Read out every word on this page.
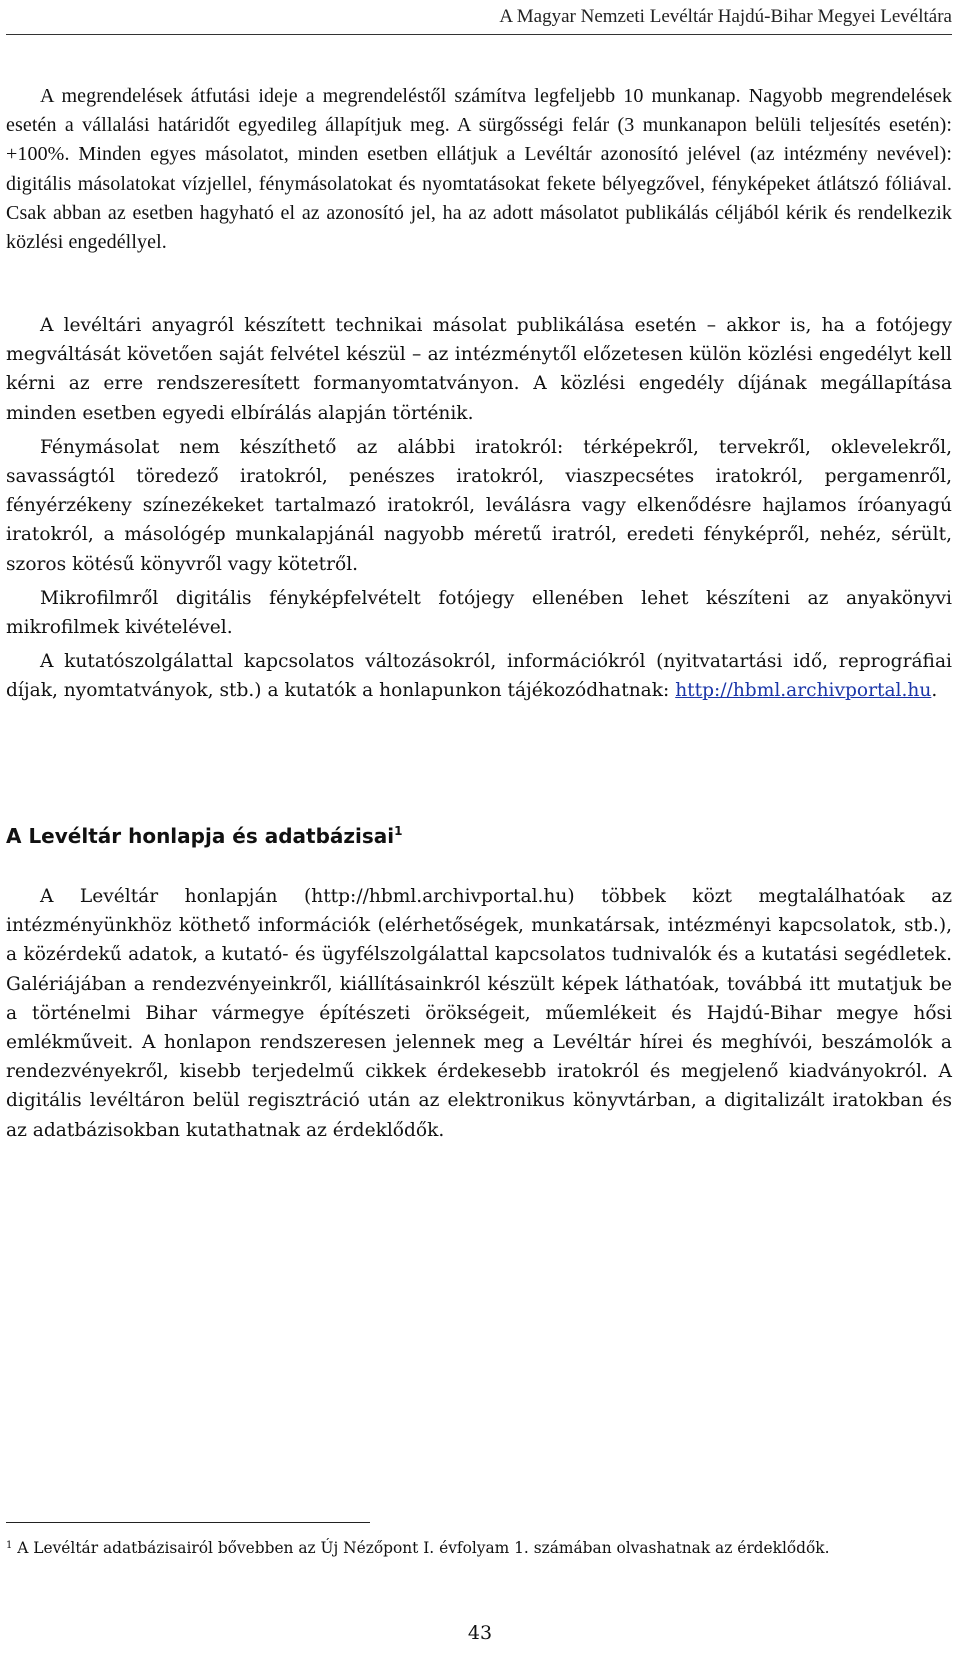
A Magyar Nemzeti Levéltár Hajdú-Bihar Megyei Levéltára

A megrendelések átfutási ideje a megrendeléstől számítva legfeljebb 10 munkanap. Nagyobb megrendelések esetén a vállalási határidőt egyedileg állapítjuk meg. A sürgősségi felár (3 munkanapon belüli teljesítés esetén): +100%. Minden egyes másolatot, minden esetben ellátjuk a Levéltár azonosító jelével (az intézmény nevével): digitális másolatokat vízjellel, fénymásolatokat és nyomtatásokat fekete bélyegzővel, fényképeket átlátszó fóliával. Csak abban az esetben hagyható el az azonosító jel, ha az adott másolatot publikálás céljából kérik és rendelkezik közlési engedéllyel.

A levéltári anyagról készített technikai másolat publikálása esetén – akkor is, ha a fotójegy megváltását követően saját felvétel készül – az intézménytől előzetesen külön közlési engedélyt kell kérni az erre rendszeresített formanyomtatványon. A közlési engedély díjának megállapítása minden esetben egyedi elbírálás alapján történik.

Fénymásolat nem készíthető az alábbi iratokról: térképekről, tervekről, oklevelekről, savasságtól töredező iratokról, penészes iratokról, viaszpecsétes iratokról, pergamenről, fényérzékeny színezékeket tartalmazó iratokról, leválásra vagy elkenődésre hajlamos íróanyagú iratokról, a másológép munkalapjánál nagyobb méretű iratról, eredeti fényképről, nehéz, sérült, szoros kötésű könyvről vagy kötetről.

Mikrofilmről digitális fényképfelvételt fotójegy ellenében lehet készíteni az anyakönyvi mikrofilmek kivételével.

A kutatószolgálattal kapcsolatos változásokról, információkról (nyitvatartási idő, reprográfiai díjak, nyomtatványok, stb.) a kutatók a honlapunkon tájékozódhatnak: http://hbml.archivportal.hu.

A Levéltár honlapja és adatbázisai$^1$

A Levéltár honlapján (http://hbml.archivportal.hu) többek közt megtalálhatóak az intézményünkhöz köthető információk (elérhetőségek, munkatársak, intézményi kapcsolatok, stb.), a közérdekű adatok, a kutató- és ügyfélszolgálattal kapcsolatos tudnivalók és a kutatási segédletek. Galériájában a rendezvényeinkről, kiállításainkról készült képek láthatóak, továbbá itt mutatjuk be a történelmi Bihar vármegye építészeti örökségeit, műemlékeit és Hajdú-Bihar megye hősi emlékműveit. A honlapon rendszeresen jelennek meg a Levéltár hírei és meghívói, beszámolók a rendezvényekről, kisebb terjedelmű cikkek érdekesebb iratokról és megjelenő kiadványokról. A digitális levéltáron belül regisztráció után az elektronikus könyvtárban, a digitalizált iratokban és az adatbázisokban kutathatnak az érdeklődők.

$^1$ A Levéltár adatbázisairól bővebben az Új Nézőpont I. évfolyam 1. számában olvashatnak az érdeklődők.
43
